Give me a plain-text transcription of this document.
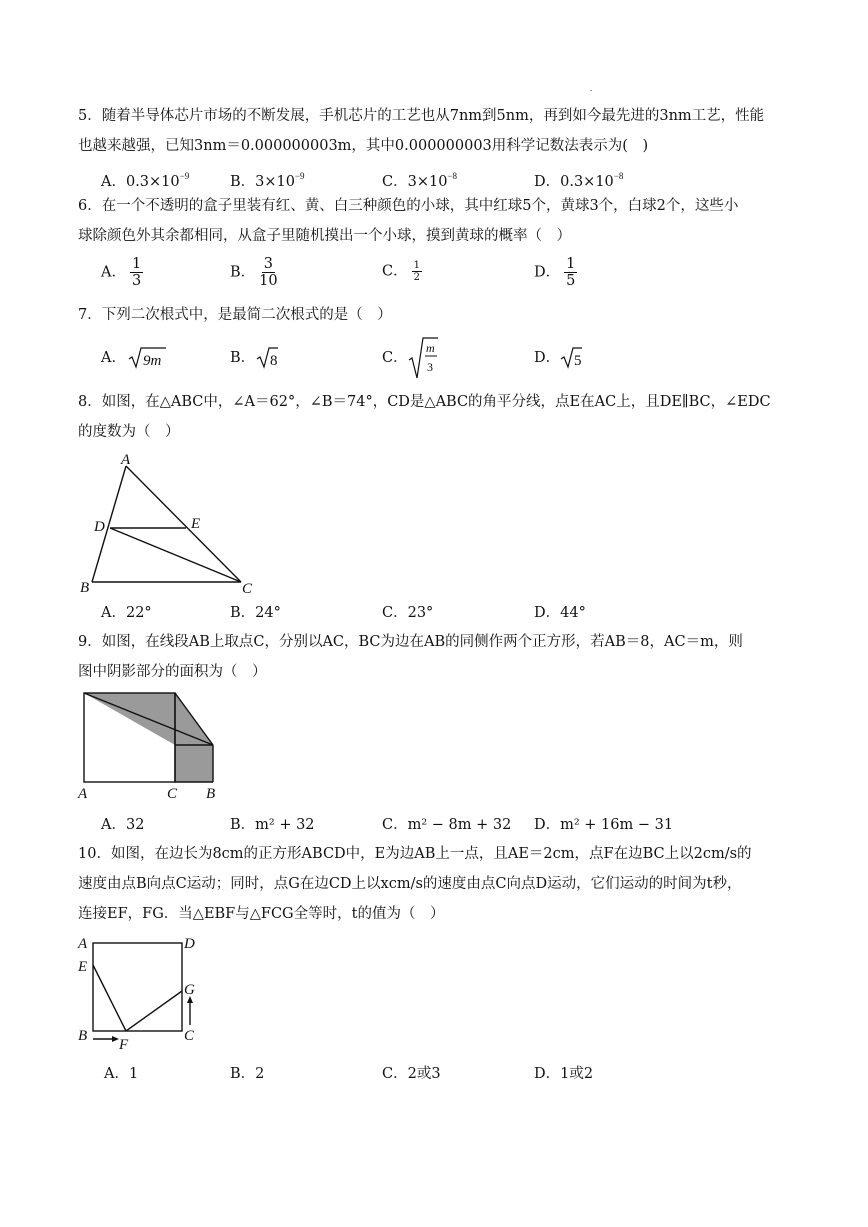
5．随着半导体芯片市场的不断发展，手机芯片的工艺也从7nm到5nm，再到如今最先进的3nm工艺，性能
也越来越强，已知3nm＝0.000000003m，其中0.000000003用科学记数法表示为(　)
A．$0.3\times 10^{-9}$	B．$3\times 10^{-9}$	C．$3\times 10^{-8}$	D．$0.3\times 10^{-8}$
6．在一个不透明的盒子里装有红、黄、白三种颜色的小球，其中红球5个，黄球3个，白球2个，这些小
球除颜色外其余都相同，从盒子里随机摸出一个小球，摸到黄球的概率（　）
A． $\frac{1}{3}$	B． $\frac{3}{10}$	C． $\frac{1}{2}$	D． $\frac{1}{5}$
7．下列二次根式中，是最简二次根式的是（　）
A． 9m	B． 8	C．
m
3
D． 5
8．如图，在△ABC中，∠A＝62°，∠B＝74°，CD是△ABC的角平分线，点E在AC上，且DE∥BC，∠EDC
的度数为（　）
A
D	E
B	C
A．22°	B．24°	C．23°	D．44°
9．如图，在线段AB上取点C，分别以AC，BC为边在AB的同侧作两个正方形，若AB＝8，AC＝m，则
图中阴影部分的面积为（　）
A	C B
A．32	B．m² + 32	C．m² − 8m + 32 D．m² + 16m − 31
10．如图，在边长为8cm的正方形ABCD中，E为边AB上一点，且AE＝2cm，点F在边BC上以2cm/s的
速度由点B向点C运动；同时，点G在边CD上以xcm/s的速度由点C向点D运动，它们运动的时间为t秒，
连接EF，FG．当△EBF与△FCG全等时，t的值为（　）
A	D
E
G
B
F
C
A．1	B．2	C．2或3	D．1或2
